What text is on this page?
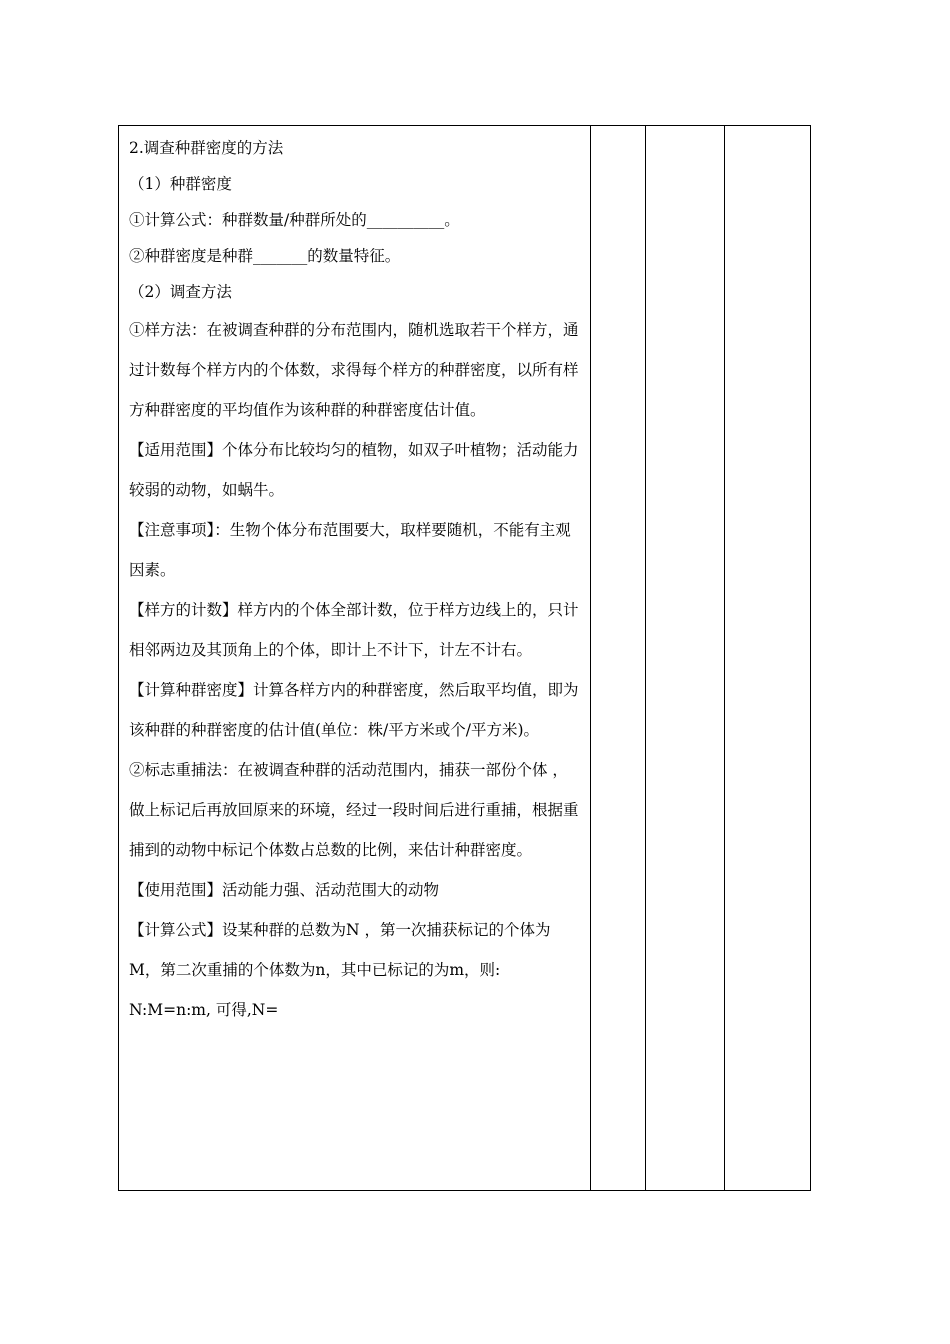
2.调查种群密度的方法

（1）种群密度

①计算公式：种群数量/种群所处的__________。

②种群密度是种群_______的数量特征。

（2）调查方法

①样方法：在被调查种群的分布范围内，随机选取若干个样方，通过计数每个样方内的个体数，求得每个样方的种群密度，以所有样方种群密度的平均值作为该种群的种群密度估计值。

【适用范围】个体分布比较均匀的植物，如双子叶植物；活动能力较弱的动物，如蜗牛。

【注意事项】：生物个体分布范围要大，取样要随机，不能有主观因素。

【样方的计数】样方内的个体全部计数，位于样方边线上的，只计相邻两边及其顶角上的个体，即计上不计下，计左不计右。

【计算种群密度】计算各样方内的种群密度，然后取平均值，即为该种群的种群密度的估计值(单位：株/平方米或个/平方米)。

②标志重捕法：在被调查种群的活动范围内，捕获一部份个体 ，做上标记后再放回原来的环境，经过一段时间后进行重捕，根据重捕到的动物中标记个体数占总数的比例，来估计种群密度。

【使用范围】活动能力强、活动范围大的动物

【计算公式】设某种群的总数为N ，第一次捕获标记的个体为M，第二次重捕的个体数为n，其中已标记的为m，则: N:M=n:m, 可得,N=
